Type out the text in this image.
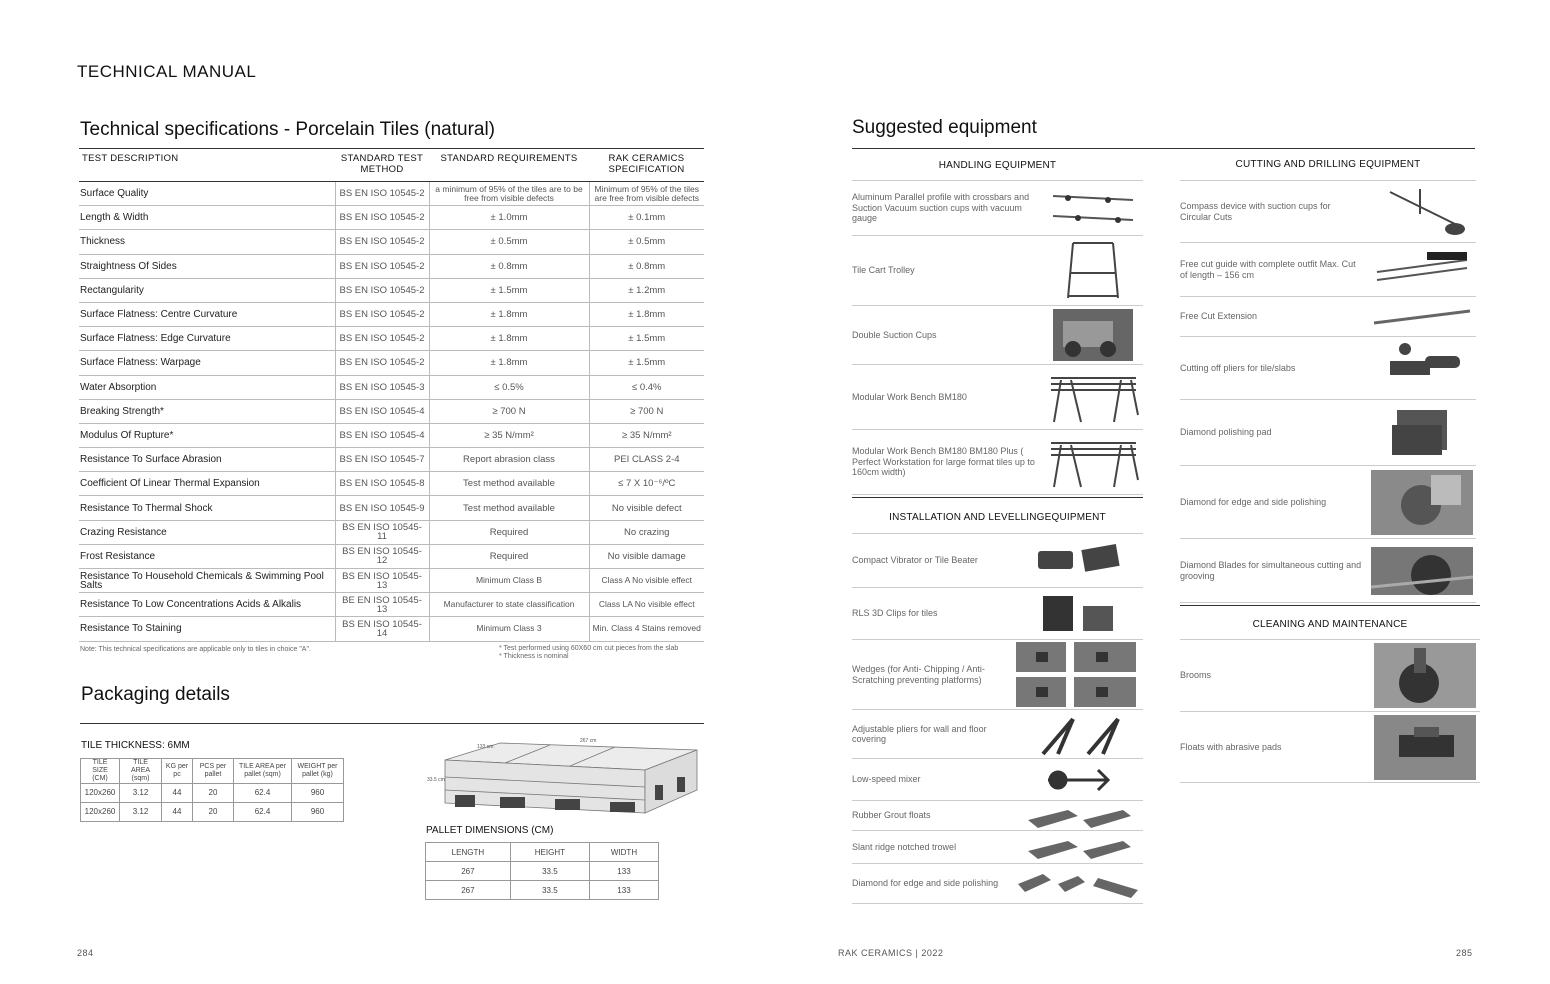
TECHNICAL MANUAL
Technical specifications - Porcelain Tiles (natural)
TEST DESCRIPTION	STANDARD TEST METHOD	STANDARD REQUIREMENTS	RAK CERAMICS SPECIFICATION
Surface Quality	BS EN ISO 10545-2	a minimum of 95% of the tiles are to be free from visible defects	Minimum of 95% of the tiles are free from visible defects
Length & Width	BS EN ISO 10545-2	± 1.0mm	± 0.1mm
Thickness	BS EN ISO 10545-2	± 0.5mm	± 0.5mm
Straightness Of Sides	BS EN ISO 10545-2	± 0.8mm	± 0.8mm
Rectangularity	BS EN ISO 10545-2	± 1.5mm	± 1.2mm
Surface Flatness: Centre Curvature	BS EN ISO 10545-2	± 1.8mm	± 1.8mm
Surface Flatness: Edge Curvature	BS EN ISO 10545-2	± 1.8mm	± 1.5mm
Surface Flatness: Warpage	BS EN ISO 10545-2	± 1.8mm	± 1.5mm
Water Absorption	BS EN ISO 10545-3	≤ 0.5%	≤ 0.4%
Breaking Strength*	BS EN ISO 10545-4	≥ 700 N	≥ 700 N
Modulus Of Rupture*	BS EN ISO 10545-4	≥ 35 N/mm²	≥ 35 N/mm²
Resistance To Surface Abrasion	BS EN ISO 10545-7	Report abrasion class	PEI CLASS 2-4
Coefficient Of Linear Thermal Expansion	BS EN ISO 10545-8	Test method available	≤ 7 X 10⁻⁶/ºC
Resistance To Thermal Shock	BS EN ISO 10545-9	Test method available	No visible defect
Crazing Resistance	BS EN ISO 10545-11	Required	No crazing
Frost Resistance	BS EN ISO 10545-12	Required	No visible damage
Resistance To Household Chemicals & Swimming Pool Salts	BS EN ISO 10545-13	Minimum Class B	Class A No visible effect
Resistance To Low Concentrations Acids & Alkalis	BE EN ISO 10545-13	Manufacturer to state classification	Class LA No visible effect
Resistance To Staining	BS EN ISO 10545-14	Minimum Class 3	Min. Class 4 Stains removed
Note: This technical specifications are applicable only to tiles in choice "A".	* Test performed using 60X60 cm cut pieces from the slab
* Thickness is nominal
Packaging details
TILE THICKNESS: 6MM
TILE SIZE (CM)	TILE AREA (sqm)	KG per pc	PCS per pallet	TILE AREA per pallet (sqm)	WEIGHT per pallet (kg)
120x260	3.12	44	20	62.4	960
120x260	3.12	44	20	62.4	960
267 cm
133 cm
33.5 cm
PALLET DIMENSIONS (CM)
LENGTH	HEIGHT	WIDTH
267	33.5	133
267	33.5	133
284	RAK CERAMICS | 2022	285
Suggested equipment
HANDLING EQUIPMENT
Aluminum Parallel profile with crossbars and Suction Vacuum suction cups with vacuum gauge
Tile Cart Trolley
Double Suction Cups
Modular Work Bench BM180
Modular Work Bench BM180 BM180 Plus ( Perfect Workstation for large format tiles up to 160cm width)
INSTALLATION AND LEVELLINGEQUIPMENT
Compact Vibrator or Tile Beater
RLS 3D Clips for tiles
Wedges (for Anti- Chipping / Anti-Scratching preventing platforms)
Adjustable pliers for wall and floor covering
Low-speed mixer
Rubber Grout floats
Slant ridge notched trowel
Diamond for edge and side polishing
CUTTING AND DRILLING EQUIPMENT
Compass device with suction cups for Circular Cuts
Free cut guide with complete outfit Max. Cut of length – 156 cm
Free Cut Extension
Cutting off pliers for tile/slabs
Diamond polishing pad
Diamond for edge and side polishing
Diamond Blades for simultaneous cutting and grooving
CLEANING AND MAINTENANCE
Brooms
Floats with abrasive pads
